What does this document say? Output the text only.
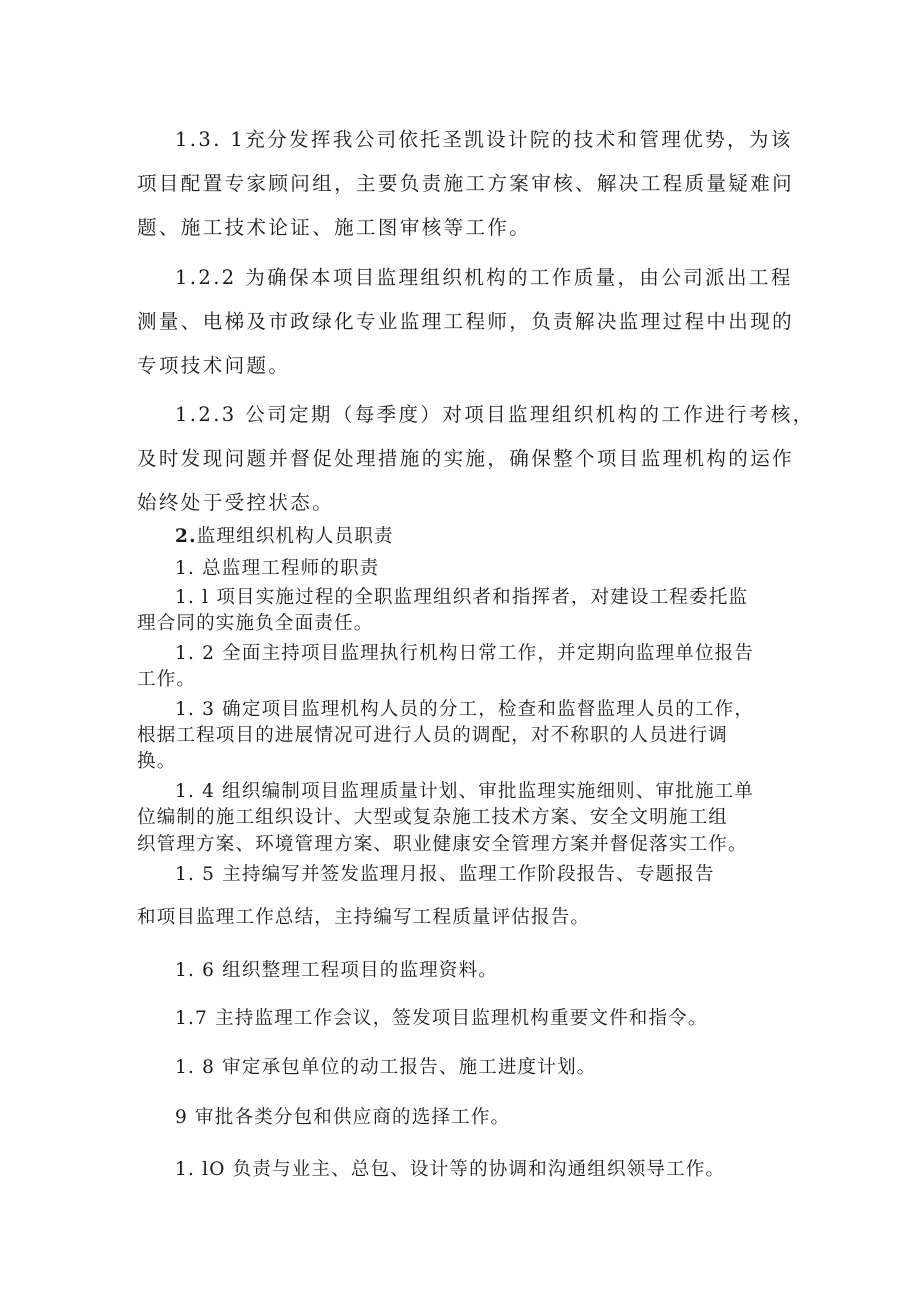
1.3. 1充分发挥我公司依托圣凯设计院的技术和管理优势，为该
项目配置专家顾问组，主要负责施工方案审核、解决工程质量疑难问
题、施工技术论证、施工图审核等工作。
1.2.2 为确保本项目监理组织机构的工作质量，由公司派出工程
测量、电梯及市政绿化专业监理工程师，负责解决监理过程中出现的
专项技术问题。
1.2.3 公司定期（每季度）对项目监理组织机构的工作进行考核，
及时发现问题并督促处理措施的实施，确保整个项目监理机构的运作
始终处于受控状态。
2.监理组织机构人员职责
1. 总监理工程师的职责
1. l 项目实施过程的全职监理组织者和指挥者，对建设工程委托监
理合同的实施负全面责任。
1. 2 全面主持项目监理执行机构日常工作，并定期向监理单位报告
工作。
1. 3 确定项目监理机构人员的分工，检查和监督监理人员的工作，
根据工程项目的进展情况可进行人员的调配，对不称职的人员进行调
换。
1. 4 组织编制项目监理质量计划、审批监理实施细则、审批施工单
位编制的施工组织设计、大型或复杂施工技术方案、安全文明施工组
织管理方案、环境管理方案、职业健康安全管理方案并督促落实工作。
1. 5 主持编写并签发监理月报、监理工作阶段报告、专题报告
和项目监理工作总结，主持编写工程质量评估报告。
1. 6 组织整理工程项目的监理资料。
1.7 主持监理工作会议，签发项目监理机构重要文件和指令。
1. 8 审定承包单位的动工报告、施工进度计划。
9 审批各类分包和供应商的选择工作。
1. lO 负责与业主、总包、设计等的协调和沟通组织领导工作。
